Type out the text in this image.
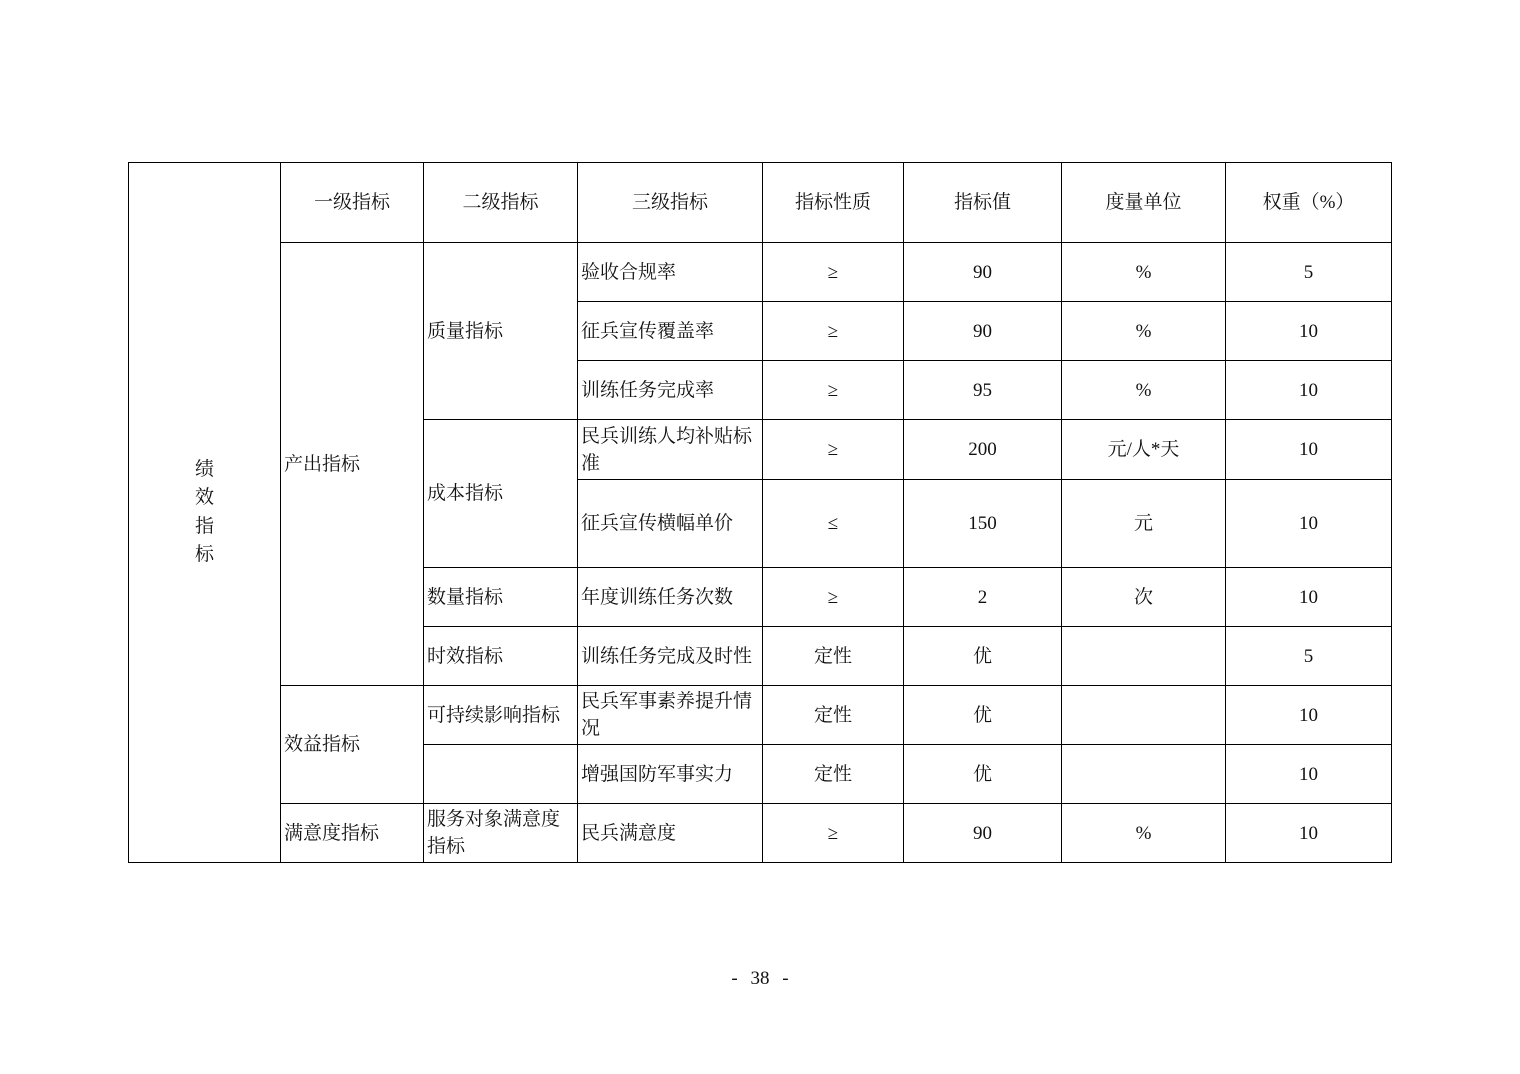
绩效指标	一级指标	二级指标	三级指标	指标性质	指标值	度量单位	权重（%）
	产出指标	质量指标	验收合规率	≥	90	%	5
			征兵宣传覆盖率	≥	90	%	10
			训练任务完成率	≥	95	%	10
		成本指标	民兵训练人均补贴标准	≥	200	元/人*天	10
			征兵宣传横幅单价	≤	150	元	10
		数量指标	年度训练任务次数	≥	2	次	10
		时效指标	训练任务完成及时性	定性	优		5
	效益指标	可持续影响指标	民兵军事素养提升情况	定性	优		10
			增强国防军事实力	定性	优		10
	满意度指标	服务对象满意度指标	民兵满意度	≥	90	%	10
- 38 -
